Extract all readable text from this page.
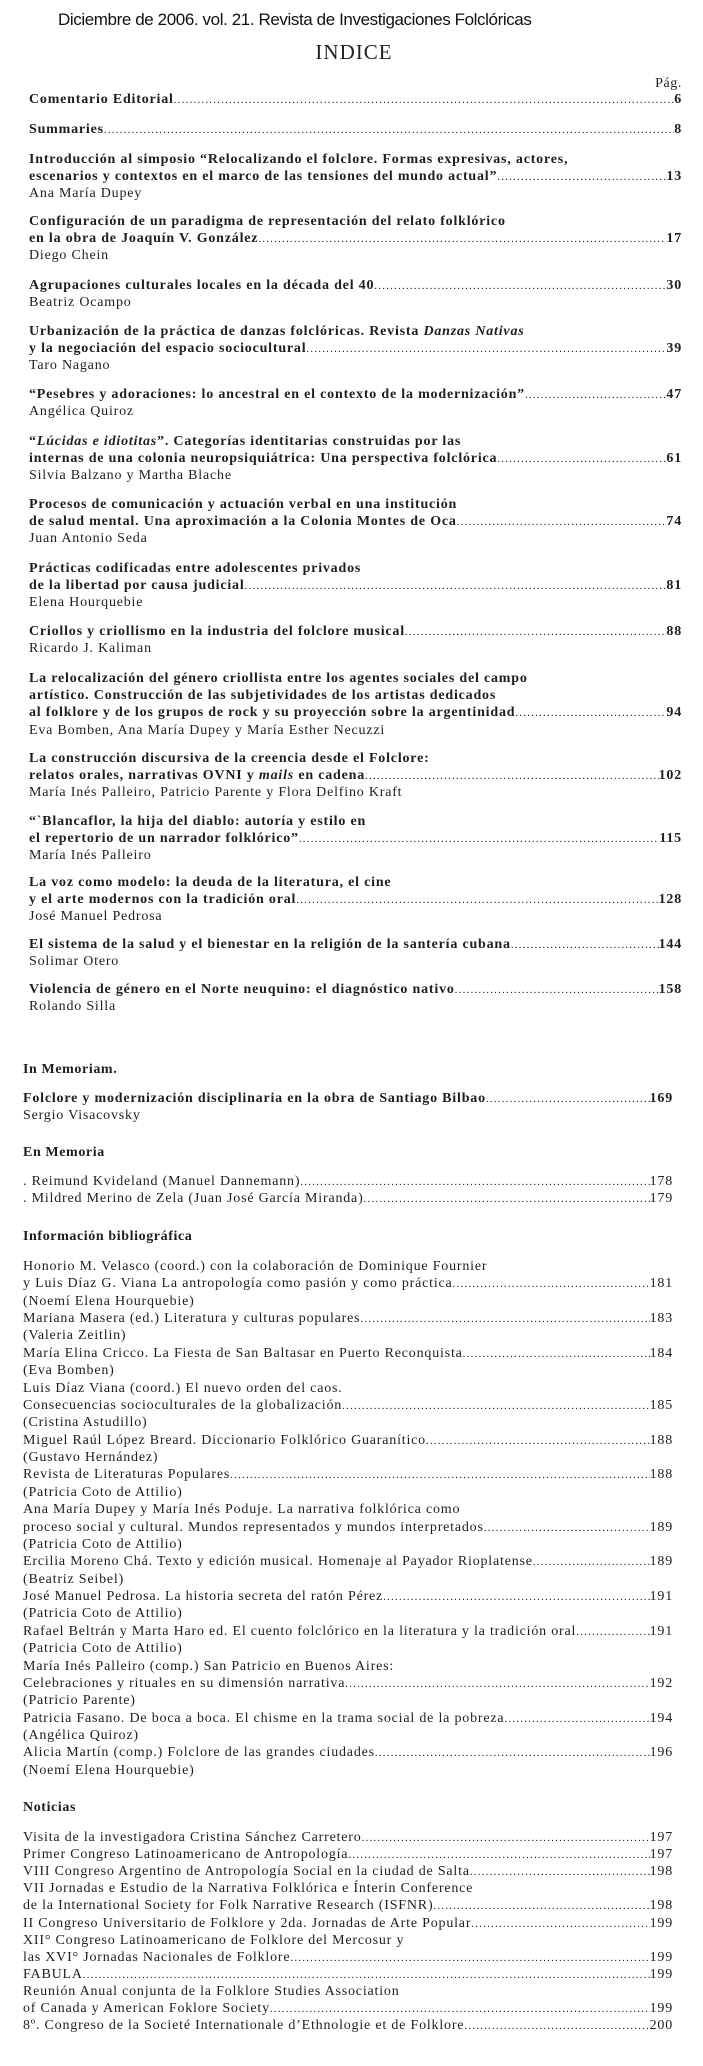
Diciembre de 2006. vol. 21. Revista de Investigaciones Folclóricas
INDICE
Pág.
In Memoriam.
En Memoria
Información bibliográfica
Noticias
Comentario Editorial .....	6
Summaries .....	8
Introducción al simposio “Relocalizando el folclore. Formas expresivas, actores,
escenarios y contextos en el marco de las tensiones del mundo actual” .....	13
Ana María Dupey
Configuración de un paradigma de representación del relato folklórico
en la obra de Joaquín V. González .....	17
Diego Chein
Agrupaciones culturales locales en la década del 40 .....	30
Beatriz Ocampo
Urbanización de la práctica de danzas folclóricas. Revista Danzas Nativas
y la negociación del espacio sociocultural .....	39
Taro Nagano
“Pesebres y adoraciones: lo ancestral en el contexto de la modernización” .....	47
Angélica Quiroz
“Lúcidas e idiotitas”. Categorías identitarias construidas por las
internas de una colonia neuropsiquiátrica: Una perspectiva folclórica .....	61
Silvia Balzano y Martha Blache
Procesos de comunicación y actuación verbal en una institución
de salud mental. Una aproximación a la Colonia Montes de Oca .....	74
Juan Antonio Seda
Prácticas codificadas entre adolescentes privados
de la libertad por causa judicial .....	81
Elena Hourquebie
Criollos y criollismo en la industria del folclore musical .....	88
Ricardo J. Kaliman
La relocalización del género criollista entre los agentes sociales del campo
artístico. Construcción de las subjetividades de los artistas dedicados
al folklore y de los grupos de rock y su proyección sobre la argentinidad .....	94
Eva Bomben, Ana María Dupey y María Esther Necuzzi
La construcción discursiva de la creencia desde el Folclore:
relatos orales, narrativas OVNI y mails en cadena .....	102
María Inés Palleiro, Patricio Parente y Flora Delfino Kraft
“`Blancaflor, la hija del diablo: autoría y estilo en
el repertorio de un narrador folklórico” .....	115
María Inés Palleiro
La voz como modelo: la deuda de la literatura, el cine
y el arte modernos con la tradición oral .....	128
José Manuel Pedrosa
El sistema de la salud y el bienestar en la religión de la santería cubana .....	144
Solimar Otero
Violencia de género en el Norte neuquino: el diagnóstico nativo .....	158
Rolando Silla
Folclore y modernización disciplinaria en la obra de Santiago Bilbao .....	169
Sergio Visacovsky
. Reimund Kvideland (Manuel Dannemann) .....	178
. Mildred Merino de Zela (Juan José García Miranda) .....	179
Honorio M. Velasco (coord.) con la colaboración de Dominique Fournier
y Luis Díaz G. Viana La antropología como pasión y como práctica .....	181
(Noemí Elena Hourquebie)
Mariana Masera (ed.) Literatura y culturas populares .....	183
(Valeria Zeitlin)
María Elina Cricco. La Fiesta de San Baltasar en Puerto Reconquista .....	184
(Eva Bomben)
Luis Díaz Viana (coord.) El nuevo orden del caos.
Consecuencias socioculturales de la globalización .....	185
(Cristina Astudillo)
Miguel Raúl López Breard. Diccionario Folklórico Guaranítico .....	188
(Gustavo Hernández)
Revista de Literaturas Populares .....	188
(Patricia Coto de Attilio)
Ana María Dupey y María Inés Poduje. La narrativa folklórica como
proceso social y cultural. Mundos representados y mundos interpretados .....	189
(Patricia Coto de Attilio)
Ercilia Moreno Chá. Texto y edición musical. Homenaje al Payador Rioplatense .....	189
(Beatriz Seibel)
José Manuel Pedrosa. La historia secreta del ratón Pérez .....	191
(Patricia Coto de Attilio)
Rafael Beltrán y Marta Haro ed. El cuento folclórico en la literatura y la tradición oral .....	191
(Patricia Coto de Attilio)
María Inés Palleiro (comp.) San Patricio en Buenos Aires:
Celebraciones y rituales en su dimensión narrativa .....	192
(Patricio Parente)
Patricia Fasano. De boca a boca. El chisme en la trama social de la pobreza .....	194
(Angélica Quiroz)
Alicia Martín (comp.) Folclore de las grandes ciudades .....	196
(Noemí Elena Hourquebie)
Visita de la investigadora Cristina Sánchez Carretero .....	197
Primer Congreso Latinoamericano de Antropología .....	197
VIII Congreso Argentino de Antropología Social en la ciudad de Salta .....	198
VII Jornadas e Estudio de la Narrativa Folklórica e Ínterin Conference
de la International Society for Folk Narrative Research (ISFNR) .....	198
II Congreso Universitario de Folklore y 2da. Jornadas de Arte Popular .....	199
XII° Congreso Latinoamericano de Folklore del Mercosur y
las XVI° Jornadas Nacionales de Folklore .....	199
FABULA .....	199
Reunión Anual conjunta de la Folklore Studies Association
of Canada y American Foklore Society .....	199
8º. Congreso de la Societé Internationale d’Ethnologie et de Folklore .....	200
